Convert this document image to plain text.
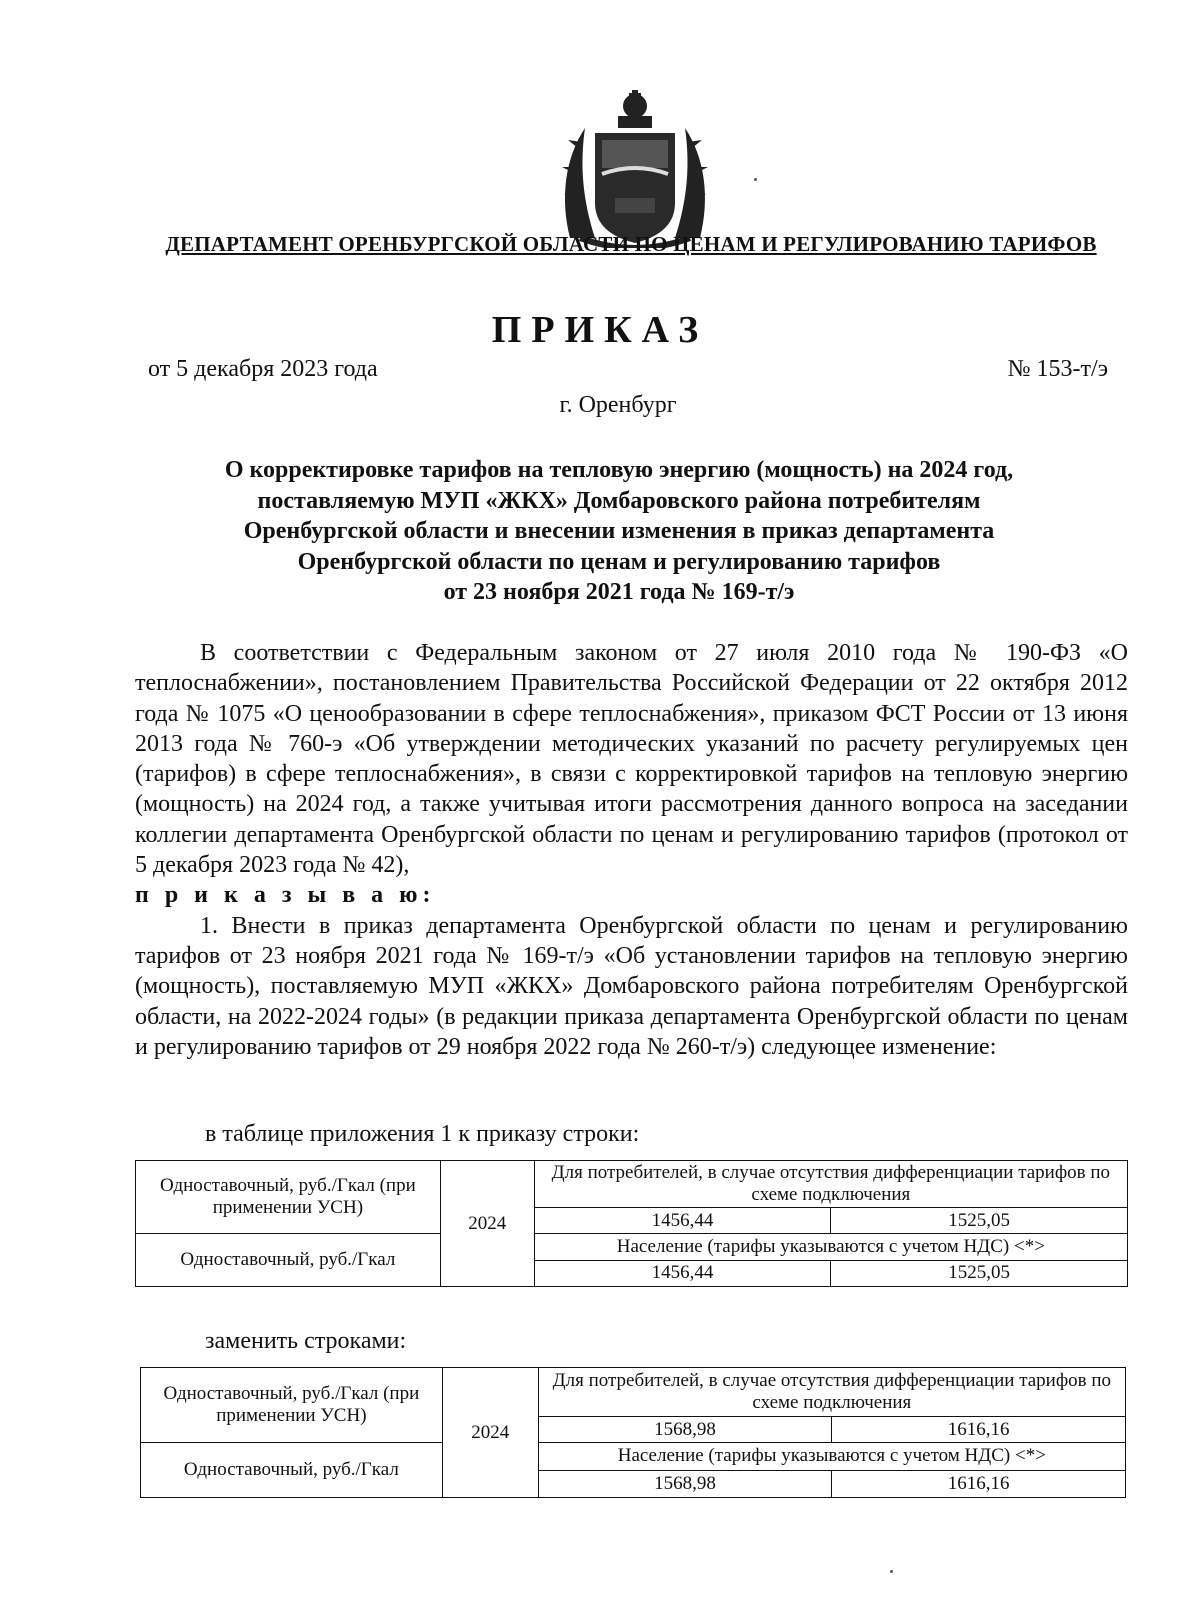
ДЕПАРТАМЕНТ ОРЕНБУРГСКОЙ ОБЛАСТИ ПО ЦЕНАМ И РЕГУЛИРОВАНИЮ ТАРИФОВ
ПРИКАЗ
от 5 декабря 2023 года	№ 153-т/э
г. Оренбург
О корректировке тарифов на тепловую энергию (мощность) на 2024 год,
поставляемую МУП «ЖКХ» Домбаровского района потребителям
Оренбургской области и внесении изменения в приказ департамента
Оренбургской области по ценам и регулированию тарифов
от 23 ноября 2021 года № 169-т/э

В соответствии с Федеральным законом от 27 июля 2010 года № 190-ФЗ «О теплоснабжении», постановлением Правительства Российской Федерации от 22 октября 2012 года № 1075 «О ценообразовании в сфере теплоснабжения», приказом ФСТ России от 13 июня 2013 года № 760-э «Об утверждении методических указаний по расчету регулируемых цен (тарифов) в сфере теплоснабжения», в связи с корректировкой тарифов на тепловую энергию (мощность) на 2024 год, а также учитывая итоги рассмотрения данного вопроса на заседании коллегии департамента Оренбургской области по ценам и регулированию тарифов (протокол от 5 декабря 2023 года № 42),

п р и к а з ы в а ю:

1. Внести в приказ департамента Оренбургской области по ценам и регулированию тарифов от 23 ноября 2021 года № 169-т/э «Об установлении тарифов на тепловую энергию (мощность), поставляемую МУП «ЖКХ» Домбаровского района потребителям Оренбургской области, на 2022-2024 годы» (в редакции приказа департамента Оренбургской области по ценам и регулированию тарифов от 29 ноября 2022 года № 260-т/э) следующее изменение:

в таблице приложения 1 к приказу строки:
Одноставочный, руб./Гкал (при применении УСН)	2024	Для потребителей, в случае отсутствия дифференциации тарифов по схеме подключения	
		1456,44	1525,05
Одноставочный, руб./Гкал		Население (тарифы указываются с учетом НДС) <*>	
		1456,44	1525,05
заменить строками:
Одноставочный, руб./Гкал (при применении УСН)	2024	Для потребителей, в случае отсутствия дифференциации тарифов по схеме подключения	
		1568,98	1616,16
Одноставочный, руб./Гкал		Население (тарифы указываются с учетом НДС) <*>	
		1568,98	1616,16
